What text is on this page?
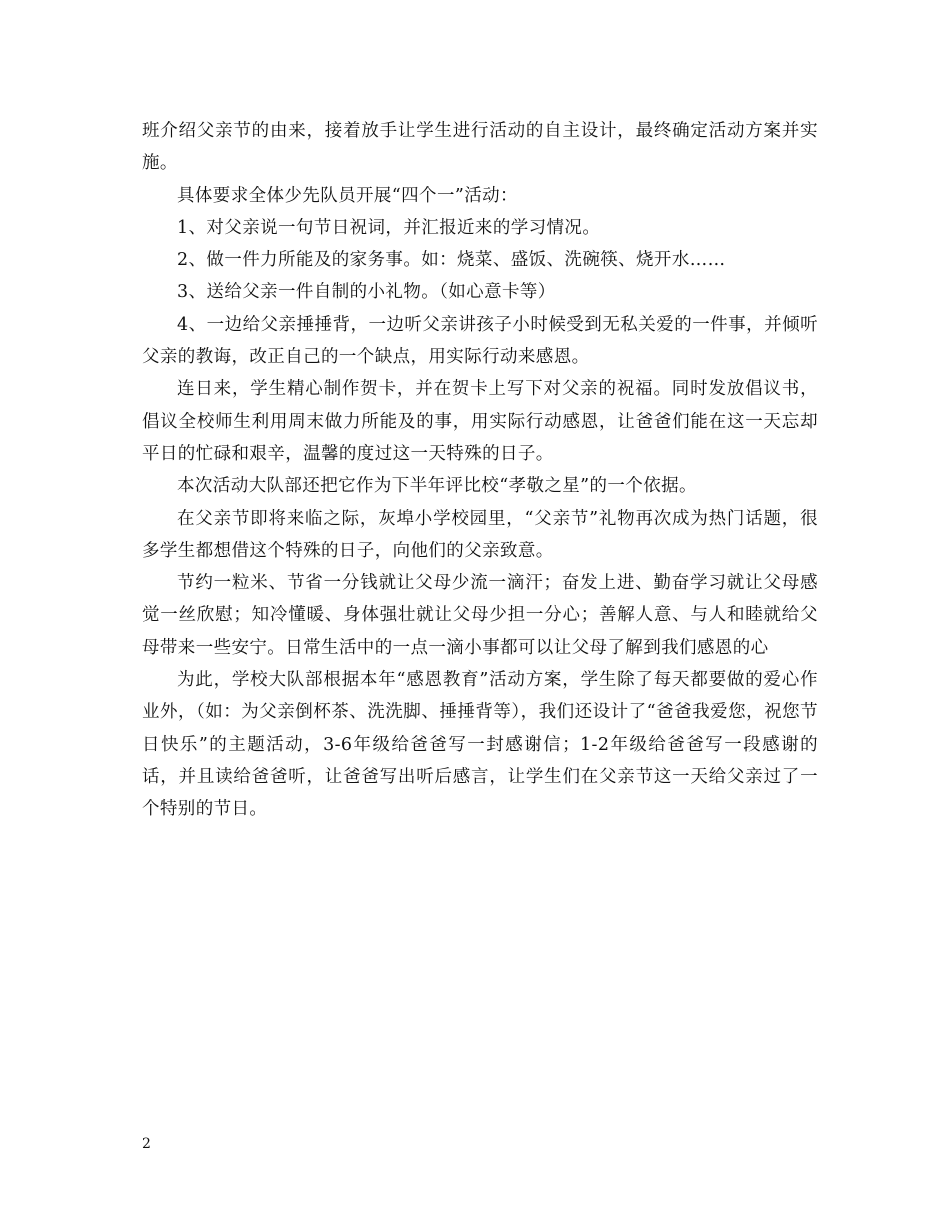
班介绍父亲节的由来，接着放手让学生进行活动的自主设计，最终确定活动方案并实施。

具体要求全体少先队员开展“四个一”活动：

1、对父亲说一句节日祝词，并汇报近来的学习情况。

2、做一件力所能及的家务事。如：烧菜、盛饭、洗碗筷、烧开水……

3、送给父亲一件自制的小礼物。（如心意卡等）

4、一边给父亲捶捶背，一边听父亲讲孩子小时候受到无私关爱的一件事，并倾听父亲的教诲，改正自己的一个缺点，用实际行动来感恩。

连日来，学生精心制作贺卡，并在贺卡上写下对父亲的祝福。同时发放倡议书，倡议全校师生利用周末做力所能及的事，用实际行动感恩，让爸爸们能在这一天忘却平日的忙碌和艰辛，温馨的度过这一天特殊的日子。

本次活动大队部还把它作为下半年评比校“孝敬之星”的一个依据。

在父亲节即将来临之际，灰埠小学校园里，“父亲节”礼物再次成为热门话题，很多学生都想借这个特殊的日子，向他们的父亲致意。

节约一粒米、节省一分钱就让父母少流一滴汗；奋发上进、勤奋学习就让父母感觉一丝欣慰；知冷懂暖、身体强壮就让父母少担一分心；善解人意、与人和睦就给父母带来一些安宁。日常生活中的一点一滴小事都可以让父母了解到我们感恩的心

为此，学校大队部根据本年“感恩教育”活动方案，学生除了每天都要做的爱心作业外，（如：为父亲倒杯茶、洗洗脚、捶捶背等），我们还设计了“爸爸我爱您，祝您节日快乐”的主题活动，3-6年级给爸爸写一封感谢信；1-2年级给爸爸写一段感谢的话，并且读给爸爸听，让爸爸写出听后感言，让学生们在父亲节这一天给父亲过了一个特别的节日。

2
